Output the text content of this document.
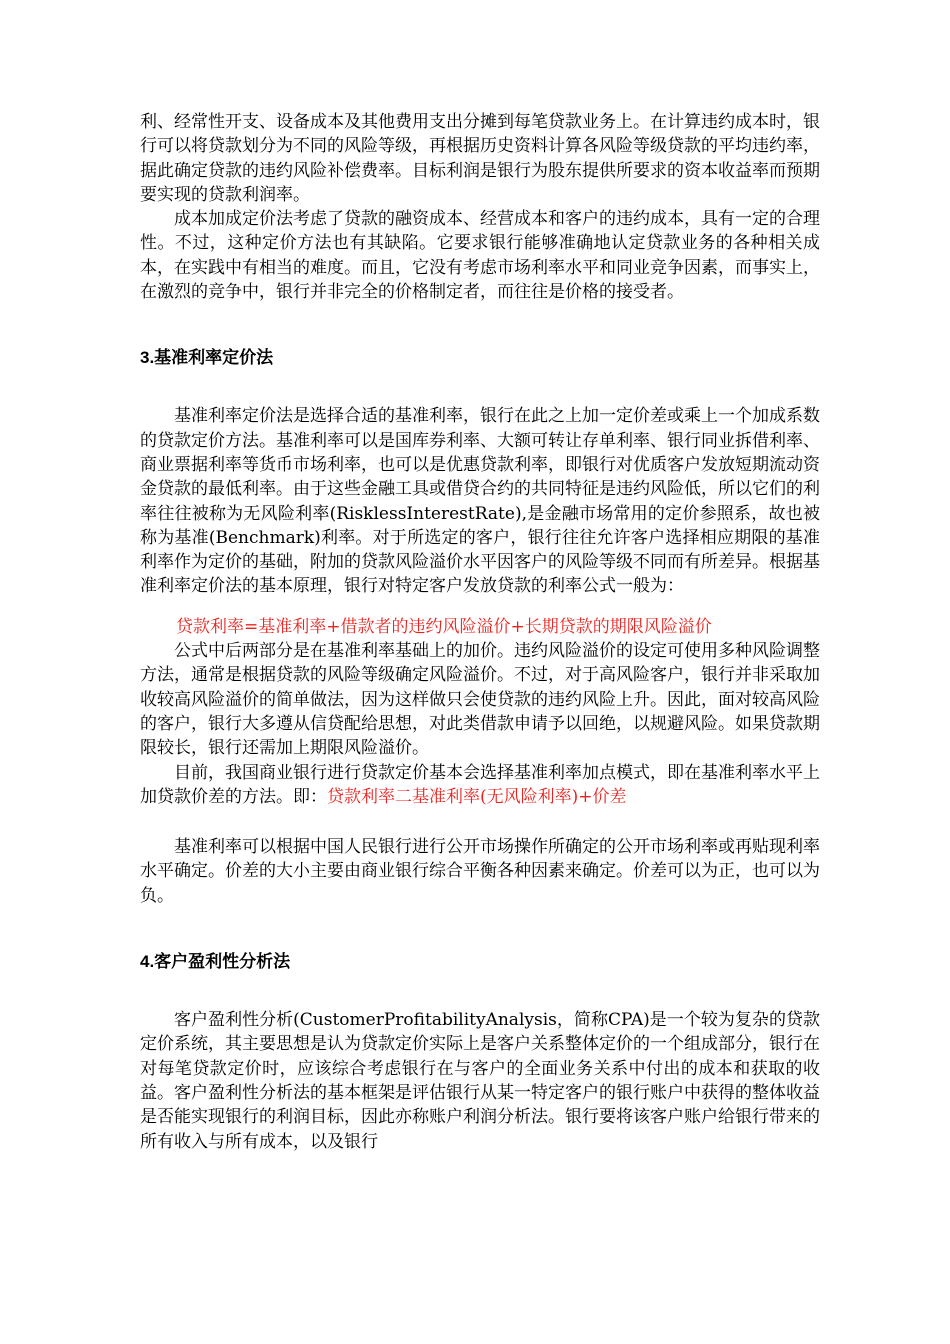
利、经常性开支、设备成本及其他费用支出分摊到每笔贷款业务上。在计算违约成本时，银行可以将贷款划分为不同的风险等级，再根据历史资料计算各风险等级贷款的平均违约率，据此确定贷款的违约风险补偿费率。目标利润是银行为股东提供所要求的资本收益率而预期要实现的贷款利润率。

成本加成定价法考虑了贷款的融资成本、经营成本和客户的违约成本，具有一定的合理性。不过，这种定价方法也有其缺陷。它要求银行能够准确地认定贷款业务的各种相关成本，在实践中有相当的难度。而且，它没有考虑市场利率水平和同业竞争因素，而事实上，在激烈的竞争中，银行并非完全的价格制定者，而往往是价格的接受者。

3.基准利率定价法

基准利率定价法是选择合适的基准利率，银行在此之上加一定价差或乘上一个加成系数的贷款定价方法。基准利率可以是国库券利率、大额可转让存单利率、银行同业拆借利率、商业票据利率等货币市场利率，也可以是优惠贷款利率，即银行对优质客户发放短期流动资金贷款的最低利率。由于这些金融工具或借贷合约的共同特征是违约风险低，所以它们的利率往往被称为无风险利率(RisklessInterestRate),是金融市场常用的定价参照系，故也被称为基准(Benchmark)利率。对于所选定的客户，银行往往允许客户选择相应期限的基准利率作为定价的基础，附加的贷款风险溢价水平因客户的风险等级不同而有所差异。根据基准利率定价法的基本原理，银行对特定客户发放贷款的利率公式一般为：

贷款利率=基准利率+借款者的违约风险溢价+长期贷款的期限风险溢价

公式中后两部分是在基准利率基础上的加价。违约风险溢价的设定可使用多种风险调整方法，通常是根据贷款的风险等级确定风险溢价。不过，对于高风险客户，银行并非采取加收较高风险溢价的简单做法，因为这样做只会使贷款的违约风险上升。因此，面对较高风险的客户，银行大多遵从信贷配给思想，对此类借款申请予以回绝，以规避风险。如果贷款期限较长，银行还需加上期限风险溢价。

目前，我国商业银行进行贷款定价基本会选择基准利率加点模式，即在基准利率水平上加贷款价差的方法。即：贷款利率二基准利率(无风险利率)+价差

基准利率可以根据中国人民银行进行公开市场操作所确定的公开市场利率或再贴现利率水平确定。价差的大小主要由商业银行综合平衡各种因素来确定。价差可以为正，也可以为负。

4.客户盈利性分析法

客户盈利性分析(CustomerProfitabilityAnalysis，简称CPA)是一个较为复杂的贷款定价系统，其主要思想是认为贷款定价实际上是客户关系整体定价的一个组成部分，银行在对每笔贷款定价时，应该综合考虑银行在与客户的全面业务关系中付出的成本和获取的收益。客户盈利性分析法的基本框架是评估银行从某一特定客户的银行账户中获得的整体收益是否能实现银行的利润目标，因此亦称账户利润分析法。银行要将该客户账户给银行带来的所有收入与所有成本，以及银行
